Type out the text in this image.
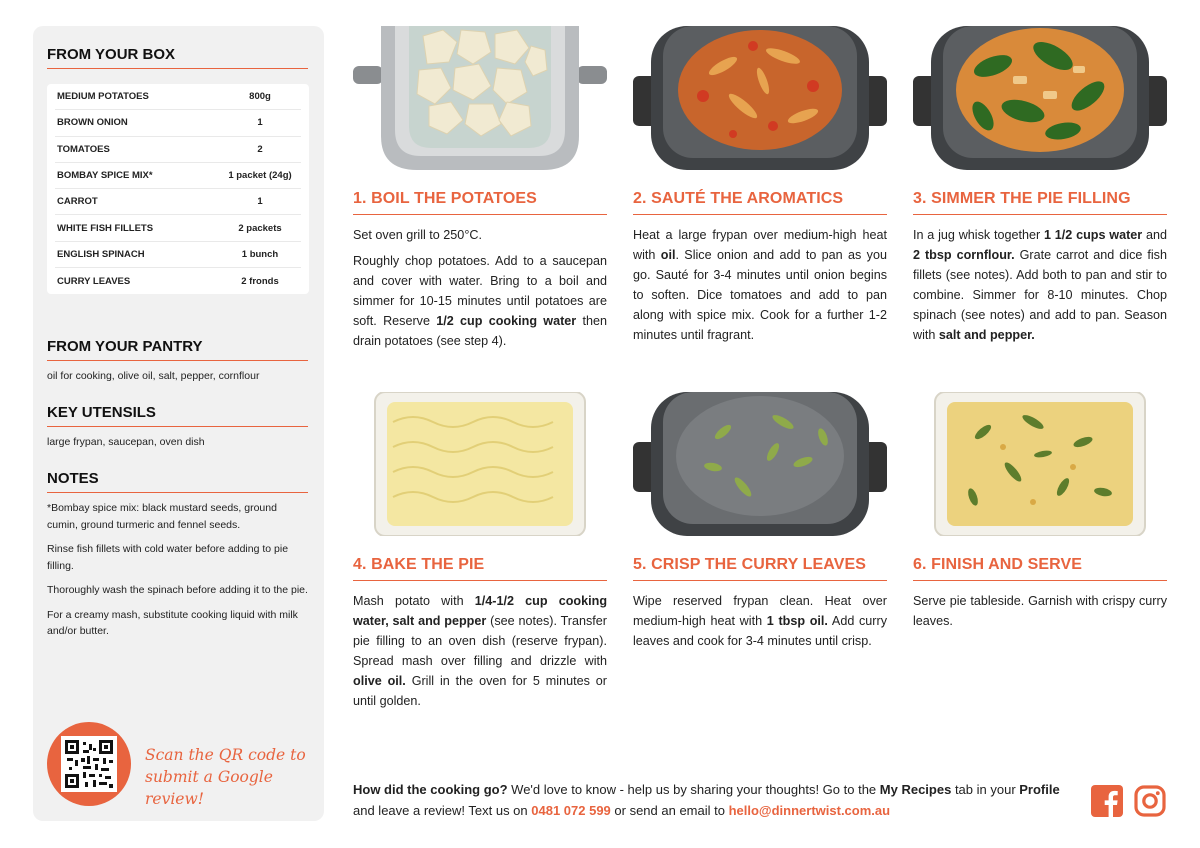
FROM YOUR BOX
MEDIUM POTATOES	800g
BROWN ONION	1
TOMATOES	2
BOMBAY SPICE MIX*	1 packet (24g)
CARROT	1
WHITE FISH FILLETS	2 packets
ENGLISH SPINACH	1 bunch
CURRY LEAVES	2 fronds
FROM YOUR PANTRY
oil for cooking, olive oil, salt, pepper, cornflour
KEY UTENSILS
large frypan, saucepan, oven dish
NOTES

*Bombay spice mix: black mustard seeds, ground cumin, ground turmeric and fennel seeds.

Rinse fish fillets with cold water before adding to pie filling.

Thoroughly wash the spinach before adding it to the pie.

For a creamy mash, substitute cooking liquid with milk and/or butter.

Scan the QR code to
submit a Google review!
1. BOIL THE POTATOES

Set oven grill to 250°C.

Roughly chop potatoes. Add to a saucepan and cover with water. Bring to a boil and simmer for 10-15 minutes until potatoes are soft. Reserve 1/2 cup cooking water then drain potatoes (see step 4).

2. SAUTÉ THE AROMATICS

Heat a large frypan over medium-high heat with oil. Slice onion and add to pan as you go. Sauté for 3-4 minutes until onion begins to soften. Dice tomatoes and add to pan along with spice mix. Cook for a further 1-2 minutes until fragrant.

3. SIMMER THE PIE FILLING

In a jug whisk together 1 1/2 cups water and 2 tbsp cornflour. Grate carrot and dice fish fillets (see notes). Add both to pan and stir to combine. Simmer for 8-10 minutes. Chop spinach (see notes) and add to pan. Season with salt and pepper.

4. BAKE THE PIE

Mash potato with 1/4-1/2 cup cooking water, salt and pepper (see notes). Transfer pie filling to an oven dish (reserve frypan). Spread mash over filling and drizzle with olive oil. Grill in the oven for 5 minutes or until golden.

5. CRISP THE CURRY LEAVES

Wipe reserved frypan clean. Heat over medium-high heat with 1 tbsp oil. Add curry leaves and cook for 3-4 minutes until crisp.

6. FINISH AND SERVE

Serve pie tableside. Garnish with crispy curry leaves.

How did the cooking go? We'd love to know - help us by sharing your thoughts! Go to the My Recipes tab in your Profile and leave a review! Text us on 0481 072 599 or send an email to hello@dinnertwist.com.au
